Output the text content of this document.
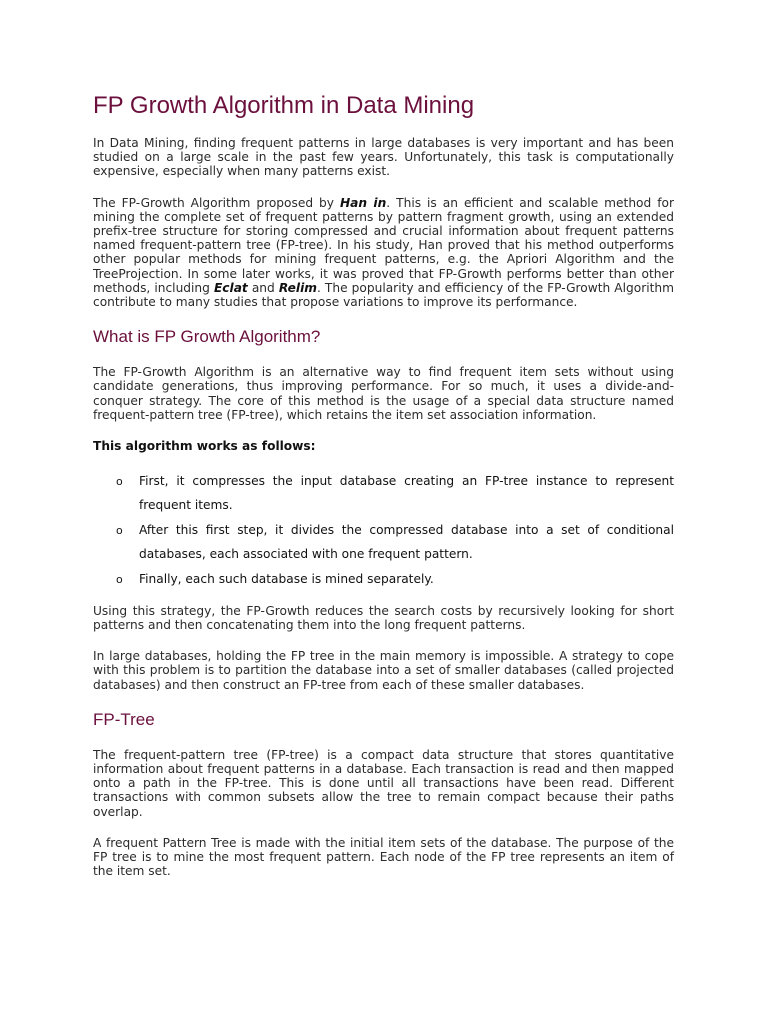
FP Growth Algorithm in Data Mining

In Data Mining, finding frequent patterns in large databases is very important and has been studied on a large scale in the past few years. Unfortunately, this task is computationally expensive, especially when many patterns exist.

The FP-Growth Algorithm proposed by Han in. This is an efficient and scalable method for mining the complete set of frequent patterns by pattern fragment growth, using an extended prefix-tree structure for storing compressed and crucial information about frequent patterns named frequent-pattern tree (FP-tree). In his study, Han proved that his method outperforms other popular methods for mining frequent patterns, e.g. the Apriori Algorithm and the TreeProjection. In some later works, it was proved that FP-Growth performs better than other methods, including Eclat and Relim. The popularity and efficiency of the FP-Growth Algorithm contribute to many studies that propose variations to improve its performance.

What is FP Growth Algorithm?

The FP-Growth Algorithm is an alternative way to find frequent item sets without using candidate generations, thus improving performance. For so much, it uses a divide-and-conquer strategy. The core of this method is the usage of a special data structure named frequent-pattern tree (FP-tree), which retains the item set association information.

This algorithm works as follows:

o First, it compresses the input database creating an FP-tree instance to represent frequent items.
o After this first step, it divides the compressed database into a set of conditional databases, each associated with one frequent pattern.
o Finally, each such database is mined separately.

Using this strategy, the FP-Growth reduces the search costs by recursively looking for short patterns and then concatenating them into the long frequent patterns.

In large databases, holding the FP tree in the main memory is impossible. A strategy to cope with this problem is to partition the database into a set of smaller databases (called projected databases) and then construct an FP-tree from each of these smaller databases.

FP-Tree

The frequent-pattern tree (FP-tree) is a compact data structure that stores quantitative information about frequent patterns in a database. Each transaction is read and then mapped onto a path in the FP-tree. This is done until all transactions have been read. Different transactions with common subsets allow the tree to remain compact because their paths overlap.

A frequent Pattern Tree is made with the initial item sets of the database. The purpose of the FP tree is to mine the most frequent pattern. Each node of the FP tree represents an item of the item set.
